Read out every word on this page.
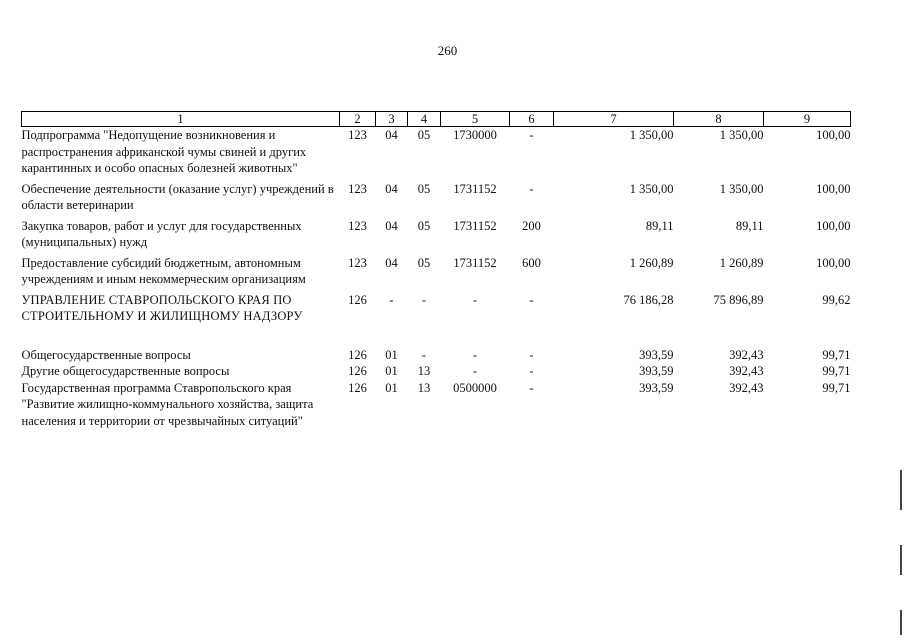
260
1	2	3	4	5	6	7	8	9
Подпрограмма "Недопущение возникновения и распространения африканской чумы свиней и других карантинных и особо опасных болезней животных"	123	04	05	1730000	-	1 350,00	1 350,00	100,00
Обеспечение деятельности (оказание услуг) учреждений в области ветеринарии	123	04	05	1731152	-	1 350,00	1 350,00	100,00
Закупка товаров, работ и услуг для государственных (муниципальных) нужд	123	04	05	1731152	200	89,11	89,11	100,00
Предоставление субсидий бюджетным, автономным учреждениям и иным некоммерческим организациям	123	04	05	1731152	600	1 260,89	1 260,89	100,00
УПРАВЛЕНИЕ СТАВРОПОЛЬСКОГО КРАЯ ПО СТРОИТЕЛЬНОМУ И ЖИЛИЩНОМУ НАДЗОРУ	126	-	-	-	-	76 186,28	75 896,89	99,62
Общегосударственные вопросы	126	01	-	-	-	393,59	392,43	99,71
Другие общегосударственные вопросы	126	01	13	-	-	393,59	392,43	99,71
Государственная программа Ставропольского края "Развитие жилищно-коммунального хозяйства, защита населения и территории от чрезвычайных ситуаций"	126	01	13	0500000	-	393,59	392,43	99,71
